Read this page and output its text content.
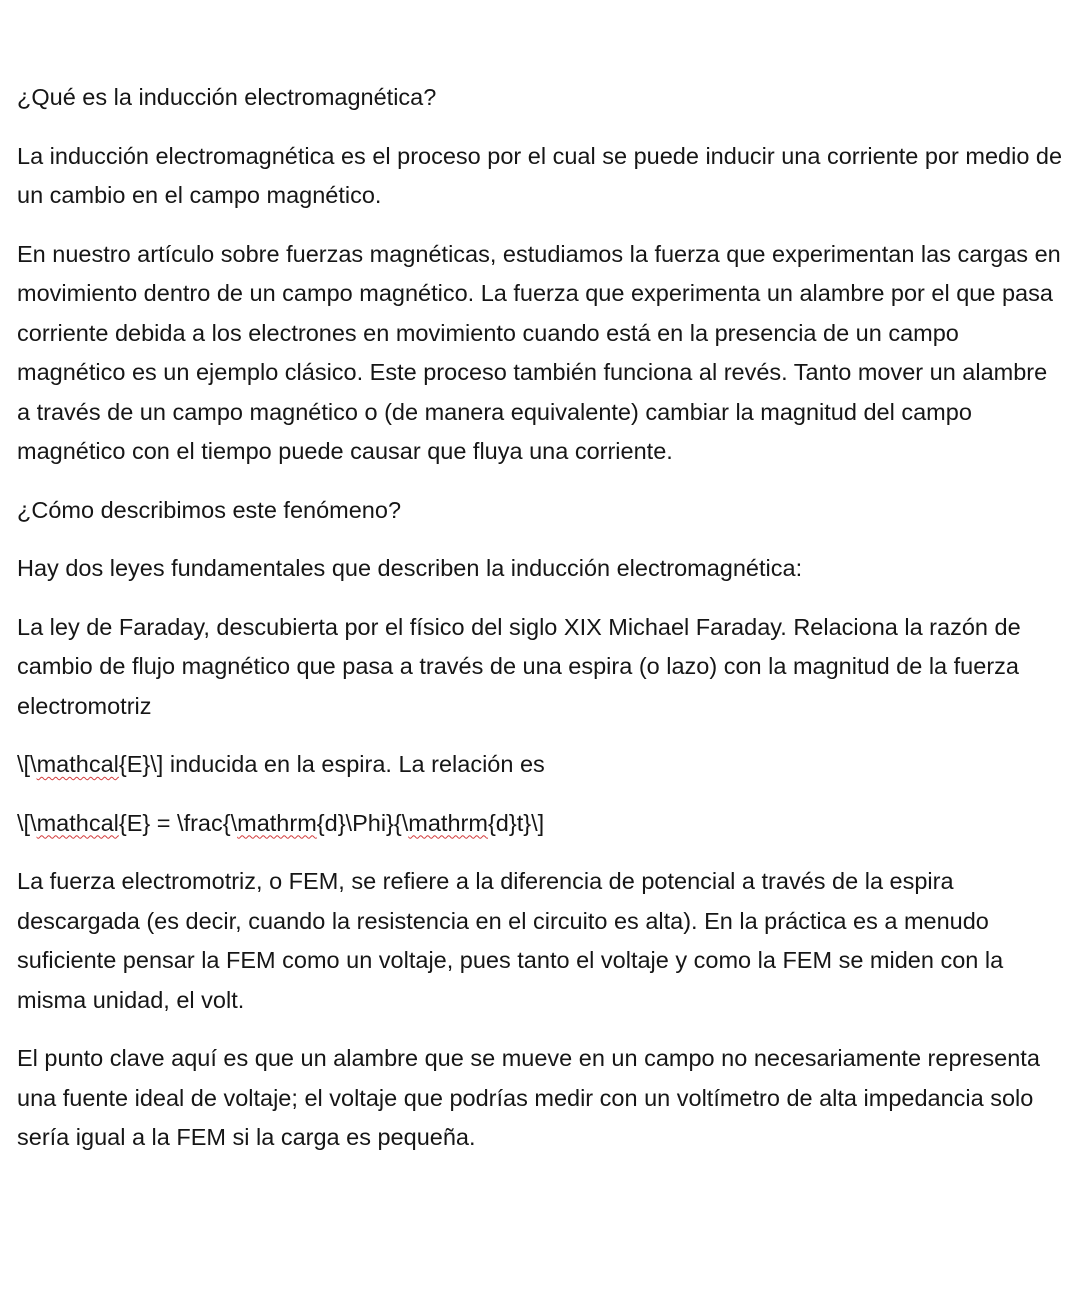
¿Qué es la inducción electromagnética?

La inducción electromagnética es el proceso por el cual se puede inducir una corriente por medio de un cambio en el campo magnético.

En nuestro artículo sobre fuerzas magnéticas, estudiamos la fuerza que experimentan las cargas en movimiento dentro de un campo magnético. La fuerza que experimenta un alambre por el que pasa corriente debida a los electrones en movimiento cuando está en la presencia de un campo magnético es un ejemplo clásico. Este proceso también funciona al revés. Tanto mover un alambre a través de un campo magnético o (de manera equivalente) cambiar la magnitud del campo magnético con el tiempo puede causar que fluya una corriente.

¿Cómo describimos este fenómeno?

Hay dos leyes fundamentales que describen la inducción electromagnética:

La ley de Faraday, descubierta por el físico del siglo XIX Michael Faraday. Relaciona la razón de cambio de flujo magnético que pasa a través de una espira (o lazo) con la magnitud de la fuerza electromotriz

\[\mathcal{E}\] inducida en la espira. La relación es

\[\mathcal{E} = \frac{\mathrm{d}\Phi}{\mathrm{d}t}\]

La fuerza electromotriz, o FEM, se refiere a la diferencia de potencial a través de la espira descargada (es decir, cuando la resistencia en el circuito es alta). En la práctica es a menudo suficiente pensar la FEM como un voltaje, pues tanto el voltaje y como la FEM se miden con la misma unidad, el volt.

El punto clave aquí es que un alambre que se mueve en un campo no necesariamente representa una fuente ideal de voltaje; el voltaje que podrías medir con un voltímetro de alta impedancia solo sería igual a la FEM si la carga es pequeña.
